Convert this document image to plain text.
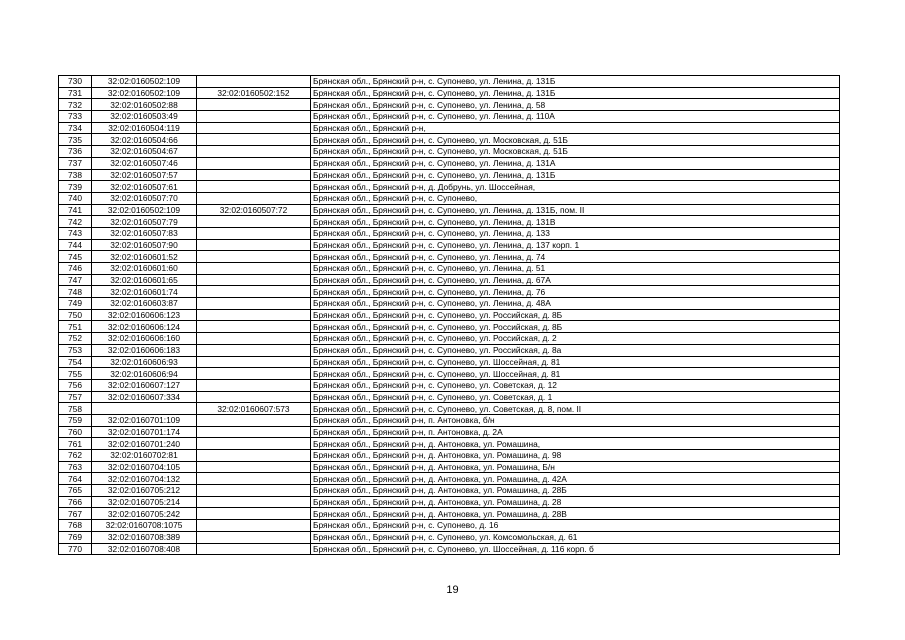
730	32:02:0160502:109		Брянская обл., Брянский р-н, с. Супонево, ул. Ленина, д. 131Б
731	32:02:0160502:109	32:02:0160502:152	Брянская обл., Брянский р-н, с. Супонево, ул. Ленина, д. 131Б
732	32:02:0160502:88		Брянская обл., Брянский р-н, с. Супонево, ул. Ленина, д. 58
733	32:02:0160503:49		Брянская обл., Брянский р-н, с. Супонево, ул. Ленина, д. 110А
734	32:02:0160504:119		Брянская обл., Брянский р-н,
735	32:02:0160504:66		Брянская обл., Брянский р-н, с. Супонево, ул. Московская, д. 51Б
736	32:02:0160504:67		Брянская обл., Брянский р-н, с. Супонево, ул. Московская, д. 51Б
737	32:02:0160507:46		Брянская обл., Брянский р-н, с. Супонево, ул. Ленина, д. 131А
738	32:02:0160507:57		Брянская обл., Брянский р-н, с. Супонево, ул. Ленина, д. 131Б
739	32:02:0160507:61		Брянская обл., Брянский р-н, д. Добрунь, ул. Шоссейная,
740	32:02:0160507:70		Брянская обл., Брянский р-н, с. Супонево,
741	32:02:0160502:109	32:02:0160507:72	Брянская обл., Брянский р-н, с. Супонево, ул. Ленина, д. 131Б, пом. II
742	32:02:0160507:79		Брянская обл., Брянский р-н, с. Супонево, ул. Ленина, д. 131В
743	32:02:0160507:83		Брянская обл., Брянский р-н, с. Супонево, ул. Ленина, д. 133
744	32:02:0160507:90		Брянская обл., Брянский р-н, с. Супонево, ул. Ленина, д. 137 корп. 1
745	32:02:0160601:52		Брянская обл., Брянский р-н, с. Супонево, ул. Ленина, д. 74
746	32:02:0160601:60		Брянская обл., Брянский р-н, с. Супонево, ул. Ленина, д. 51
747	32:02:0160601:65		Брянская обл., Брянский р-н, с. Супонево, ул. Ленина, д. 67А
748	32:02:0160601:74		Брянская обл., Брянский р-н, с. Супонево, ул. Ленина, д. 76
749	32:02:0160603:87		Брянская обл., Брянский р-н, с. Супонево, ул. Ленина, д. 48А
750	32:02:0160606:123		Брянская обл., Брянский р-н, с. Супонево, ул. Российская, д. 8Б
751	32:02:0160606:124		Брянская обл., Брянский р-н, с. Супонево, ул. Российская, д. 8Б
752	32:02:0160606:160		Брянская обл., Брянский р-н, с. Супонево, ул. Российская, д. 2
753	32:02:0160606:183		Брянская обл., Брянский р-н, с. Супонево, ул. Российская, д. 8а
754	32:02:0160606:93		Брянская обл., Брянский р-н, с. Супонево, ул. Шоссейная, д. 81
755	32:02:0160606:94		Брянская обл., Брянский р-н, с. Супонево, ул. Шоссейная, д. 81
756	32:02:0160607:127		Брянская обл., Брянский р-н, с. Супонево, ул. Советская, д. 12
757	32:02:0160607:334		Брянская обл., Брянский р-н, с. Супонево, ул. Советская, д. 1
758		32:02:0160607:573	Брянская обл., Брянский р-н, с. Супонево, ул. Советская, д. 8, пом. II
759	32:02:0160701:109		Брянская обл., Брянский р-н, п. Антоновка, б/н
760	32:02:0160701:174		Брянская обл., Брянский р-н, п. Антоновка, д. 2А
761	32:02:0160701:240		Брянская обл., Брянский р-н, д. Антоновка, ул. Ромашина,
762	32:02:0160702:81		Брянская обл., Брянский р-н, д. Антоновка, ул. Ромашина, д. 98
763	32:02:0160704:105		Брянская обл., Брянский р-н, д. Антоновка, ул. Ромашина, Б/н
764	32:02:0160704:132		Брянская обл., Брянский р-н, д. Антоновка, ул. Ромашина, д. 42А
765	32:02:0160705:212		Брянская обл., Брянский р-н, д. Антоновка, ул. Ромашина, д. 28Б
766	32:02:0160705:214		Брянская обл., Брянский р-н, д. Антоновка, ул. Ромашина, д. 28
767	32:02:0160705:242		Брянская обл., Брянский р-н, д. Антоновка, ул. Ромашина, д. 28В
768	32:02:0160708:1075		Брянская обл., Брянский р-н, с. Супонево, д. 16
769	32:02:0160708:389		Брянская обл., Брянский р-н, с. Супонево, ул. Комсомольская, д. 61
770	32:02:0160708:408		Брянская обл., Брянский р-н, с. Супонево, ул. Шоссейная, д. 116 корп. б
19
